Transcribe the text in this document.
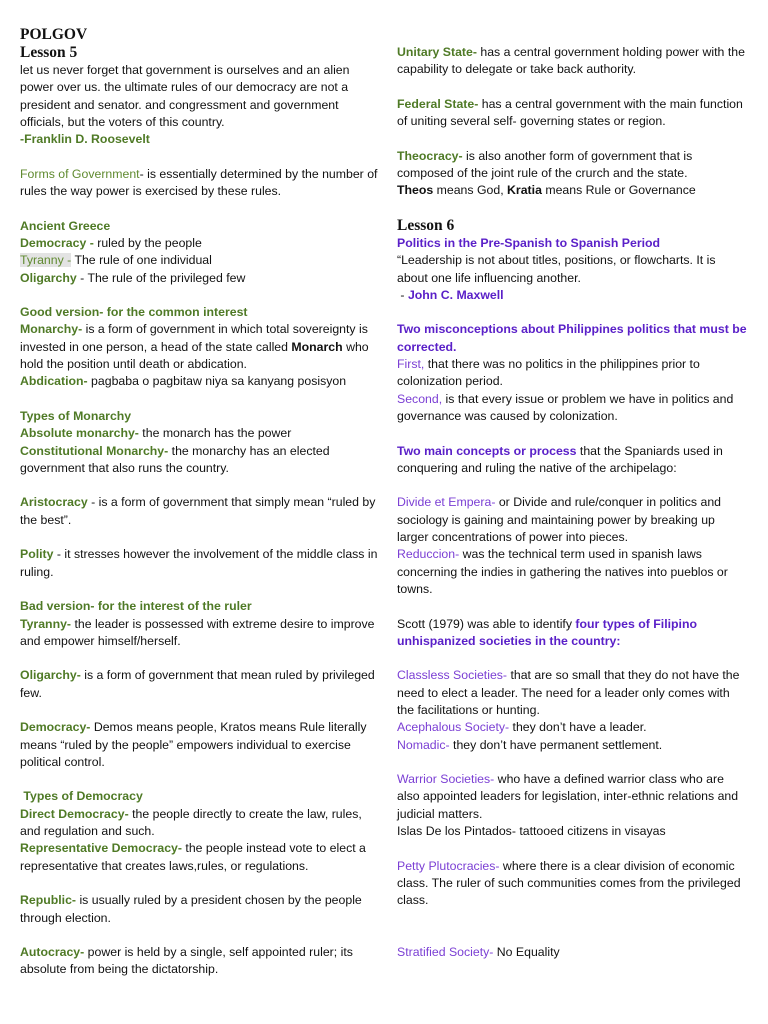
POLGOV
Lesson 5
let us never forget that government is ourselves and an alien power over us. the ultimate rules of our democracy are not a president and senator. and congressment and government officials, but the voters of this country.
-Franklin D. Roosevelt
Forms of Government- is essentially determined by the number of rules the way power is exercised by these rules.
Ancient Greece
Democracy - ruled by the people
Tyranny - The rule of one individual
Oligarchy - The rule of the privileged few
Good version- for the common interest
Monarchy- is a form of government in which total sovereignty is invested in one person, a head of the state called Monarch who hold the position until death or abdication.
Abdication- pagbaba o pagbitaw niya sa kanyang posisyon
Types of Monarchy
Absolute monarchy- the monarch has the power
Constitutional Monarchy- the monarchy has an elected government that also runs the country.
Aristocracy - is a form of government that simply mean “ruled by the best”.
Polity - it stresses however the involvement of the middle class in ruling.
Bad version- for the interest of the ruler
Tyranny- the leader is possessed with extreme desire to improve and empower himself/herself.
Oligarchy- is a form of government that mean ruled by privileged few.
Democracy- Demos means people, Kratos means Rule literally means “ruled by the people” empowers individual to exercise political control.
Types of Democracy
Direct Democracy- the people directly to create the law, rules, and regulation and such.
Representative Democracy- the people instead vote to elect a representative that creates laws,rules, or regulations.
Republic- is usually ruled by a president chosen by the people through election.
Autocracy- power is held by a single, self appointed ruler; its absolute from being the dictatorship.
Unitary State- has a central government holding power with the capability to delegate or take back authority.
Federal State- has a central government with the main function of uniting several self- governing states or region.
Theocracy- is also another form of government that is composed of the joint rule of the crurch and the state.
Theos means God, Kratia means Rule or Governance
Lesson 6
Politics in the Pre-Spanish to Spanish Period
“Leadership is not about titles, positions, or flowcharts. It is about one life influencing another.
- John C. Maxwell
Two misconceptions about Philippines politics that must be corrected.
First, that there was no politics in the philippines prior to colonization period.
Second, is that every issue or problem we have in politics and governance was caused by colonization.
Two main concepts or process that the Spaniards used in conquering and ruling the native of the archipelago:
Divide et Empera- or Divide and rule/conquer in politics and sociology is gaining and maintaining power by breaking up larger concentrations of power into pieces.
Reduccion- was the technical term used in spanish laws concerning the indies in gathering the natives into pueblos or towns.
Scott (1979) was able to identify four types of Filipino unhispanized societies in the country:
Classless Societies- that are so small that they do not have the need to elect a leader. The need for a leader only comes with the facilitations or hunting.
Acephalous Society- they don’t have a leader.
Nomadic- they don’t have permanent settlement.
Warrior Societies- who have a defined warrior class who are also appointed leaders for legislation, inter-ethnic relations and judicial matters.
Islas De los Pintados- tattooed citizens in visayas
Petty Plutocracies- where there is a clear division of economic class. The ruler of such communities comes from the privileged class.
Stratified Society- No Equality
